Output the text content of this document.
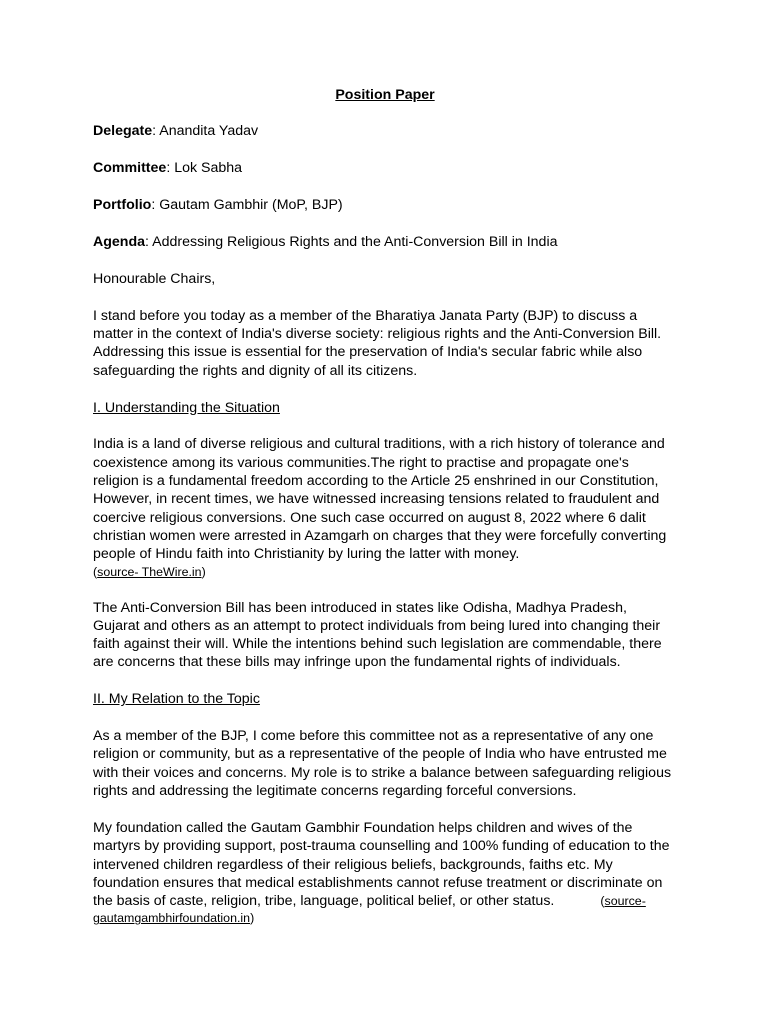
Position Paper
Delegate: Anandita Yadav
Committee: Lok Sabha
Portfolio: Gautam Gambhir (MoP, BJP)
Agenda: Addressing Religious Rights and the Anti-Conversion Bill in India

Honourable Chairs,

I stand before you today as a member of the Bharatiya Janata Party (BJP) to discuss a matter in the context of India's diverse society: religious rights and the Anti-Conversion Bill. Addressing this issue is essential for the preservation of India's secular fabric while also safeguarding the rights and dignity of all its citizens.

I. Understanding the Situation

India is a land of diverse religious and cultural traditions, with a rich history of tolerance and coexistence among its various communities.The right to practise and propagate one's religion is a fundamental freedom according to the Article 25 enshrined in our Constitution, However, in recent times, we have witnessed increasing tensions related to fraudulent and coercive religious conversions. One such case occurred on august 8, 2022 where 6 dalit christian women were arrested in Azamgarh on charges that they were forcefully converting people of Hindu faith into Christianity by luring the latter with money.

(source- TheWire.in)

The Anti-Conversion Bill has been introduced in states like Odisha, Madhya Pradesh, Gujarat and others as an attempt to protect individuals from being lured into changing their faith against their will. While the intentions behind such legislation are commendable, there are concerns that these bills may infringe upon the fundamental rights of individuals.

II. My Relation to the Topic

As a member of the BJP, I come before this committee not as a representative of any one religion or community, but as a representative of the people of India who have entrusted me with their voices and concerns. My role is to strike a balance between safeguarding religious rights and addressing the legitimate concerns regarding forceful conversions.

My foundation called the Gautam Gambhir Foundation helps children and wives of the martyrs by providing support, post-trauma counselling and 100% funding of education to the intervened children regardless of their religious beliefs, backgrounds, faiths etc. My foundation ensures that medical establishments cannot refuse treatment or discriminate on the basis of caste, religion, tribe, language, political belief, or other status.	(source-

gautamgambhirfoundation.in)
